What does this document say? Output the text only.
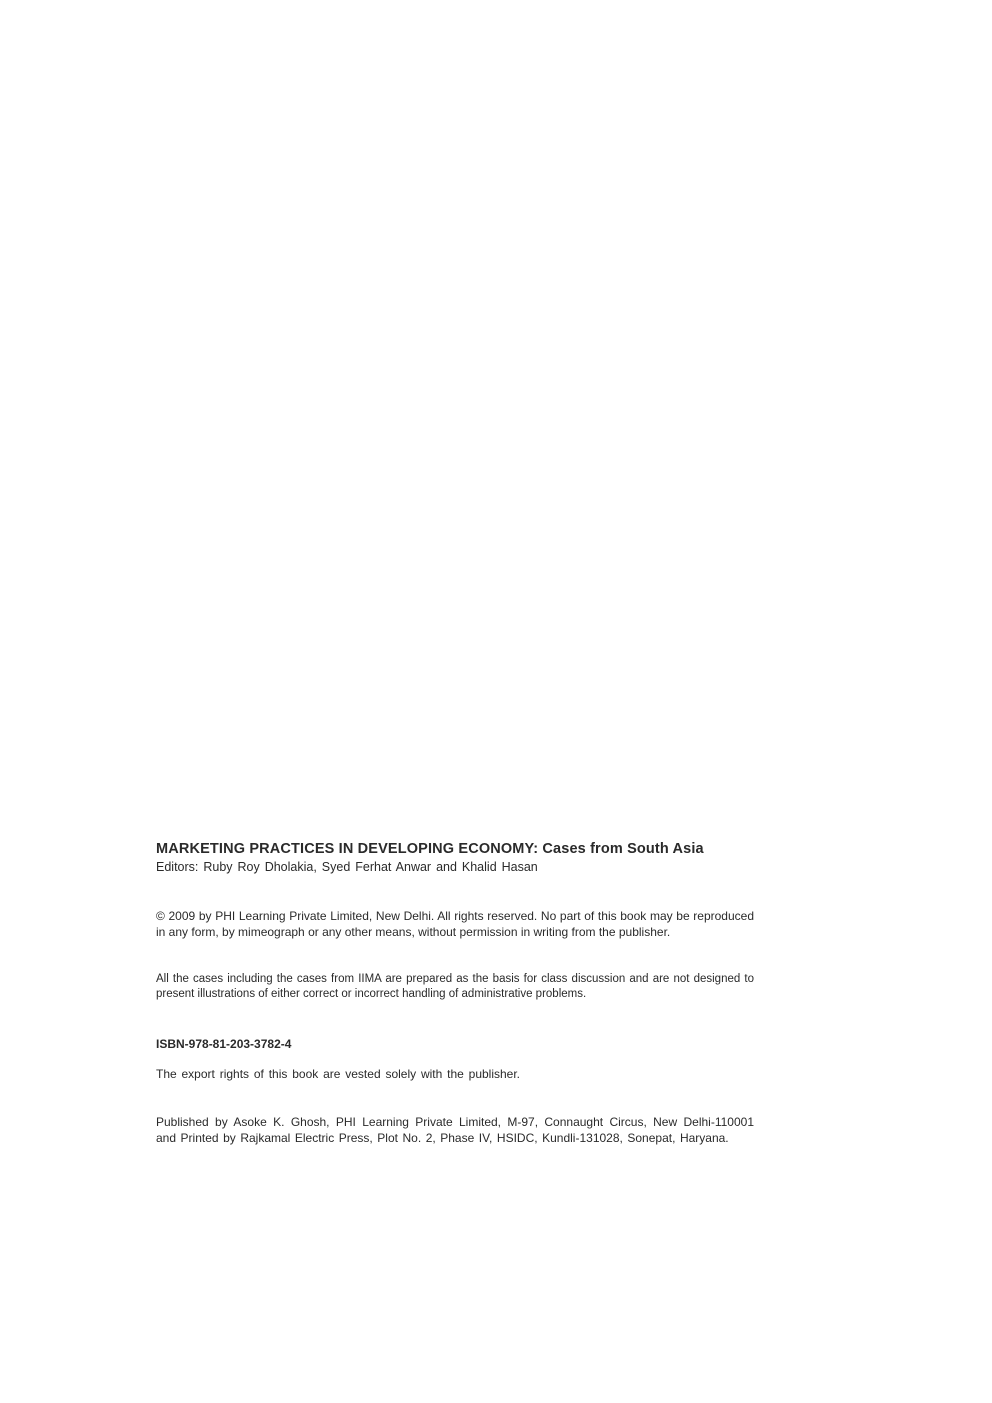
MARKETING PRACTICES IN DEVELOPING ECONOMY: Cases from South Asia

Editors: Ruby Roy Dholakia, Syed Ferhat Anwar and Khalid Hasan

© 2009 by PHI Learning Private Limited, New Delhi. All rights reserved. No part of this book may be reproduced in any form, by mimeograph or any other means, without permission in writing from the publisher.

All the cases including the cases from IIMA are prepared as the basis for class discussion and are not designed to present illustrations of either correct or incorrect handling of administrative problems.

ISBN-978-81-203-3782-4

The export rights of this book are vested solely with the publisher.

Published by Asoke K. Ghosh, PHI Learning Private Limited, M-97, Connaught Circus, New Delhi-110001 and Printed by Rajkamal Electric Press, Plot No. 2, Phase IV, HSIDC, Kundli-131028, Sonepat, Haryana.
